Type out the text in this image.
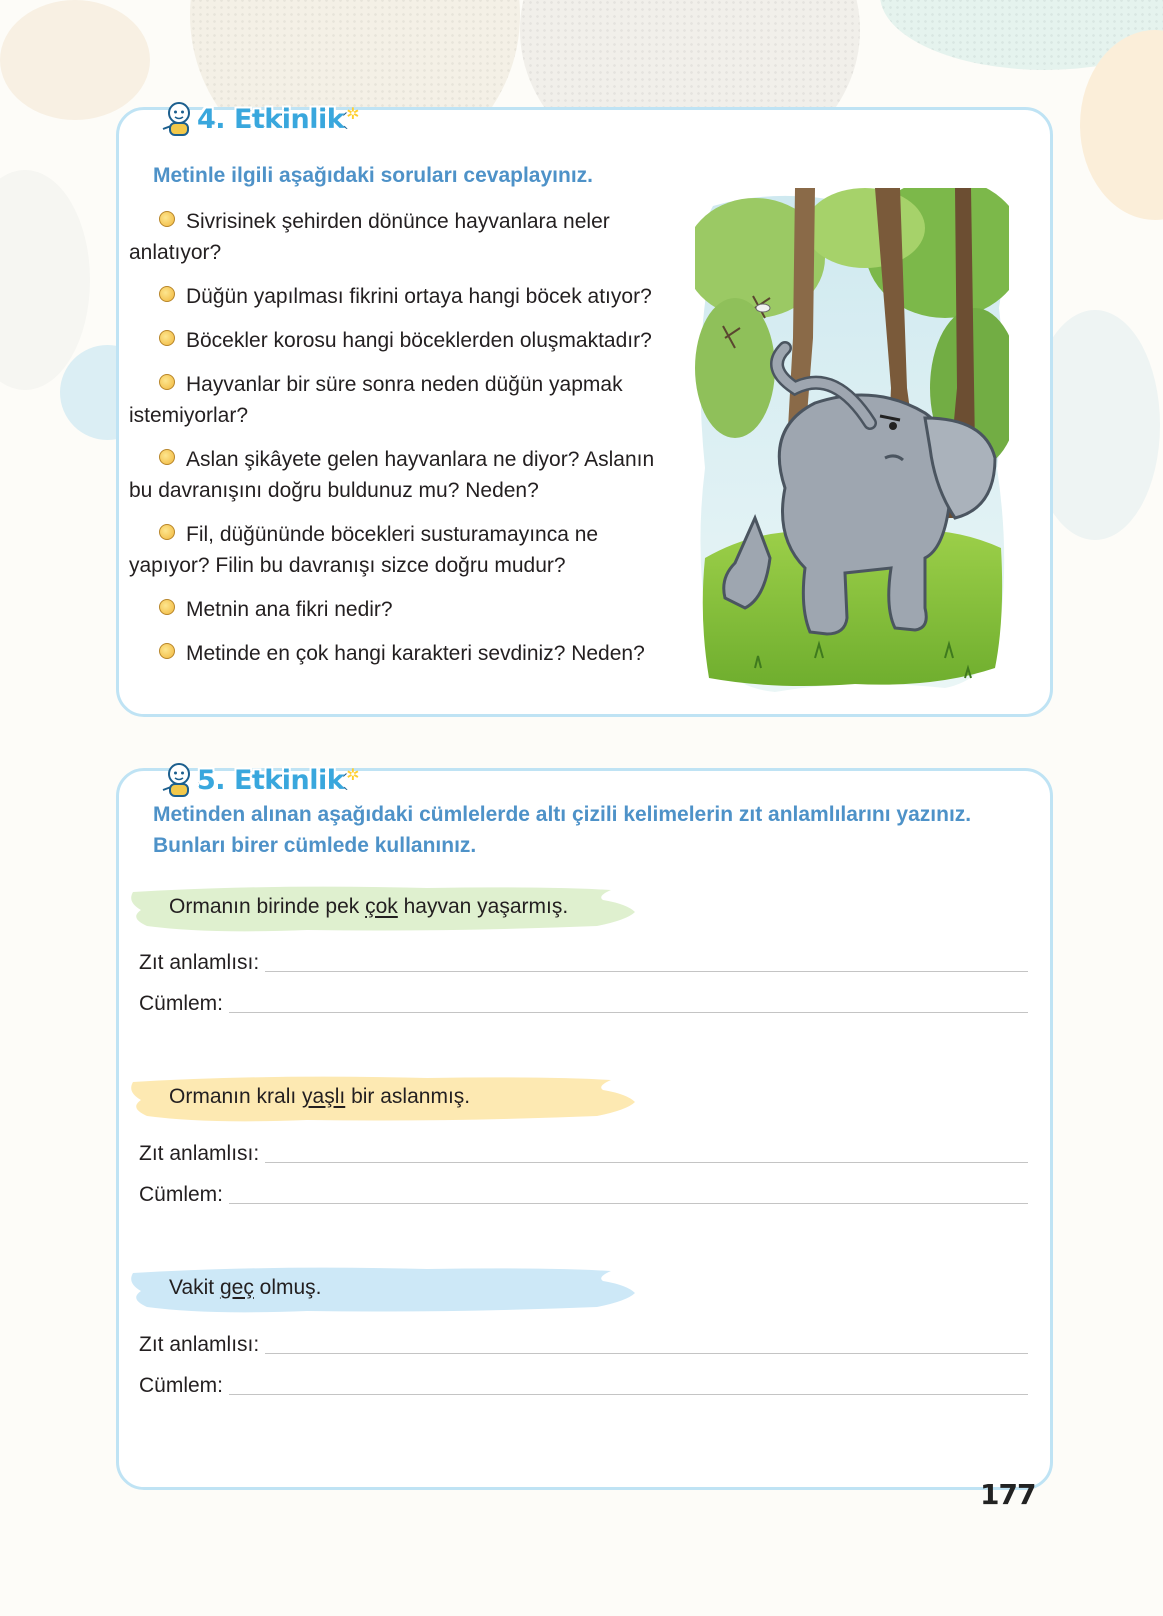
4. Etkinlik ✲
Metinle ilgili aşağıdaki soruları cevaplayınız.
Sivrisinek şehirden dönünce hayvanlara neler anlatıyor?
Düğün yapılması fikrini ortaya hangi böcek atıyor?
Böcekler korosu hangi böceklerden oluşmaktadır?
Hayvanlar bir süre sonra neden düğün yapmak istemiyorlar?
Aslan şikâyete gelen hayvanlara ne diyor? Aslanın bu davranışını doğru buldunuz mu? Neden?
Fil, düğününde böcekleri susturamayınca ne yapıyor? Filin bu davranışı sizce doğru mudur?
Metnin ana fikri nedir?
Metinde en çok hangi karakteri sevdiniz? Neden?
5. Etkinlik ✲
Metinden alınan aşağıdaki cümlelerde altı çizili kelimelerin zıt anlamlılarını yazınız. Bunları birer cümlede kullanınız.
Ormanın birinde pek çok hayvan yaşarmış.
Zıt anlamlısı:
Cümlem:
Ormanın kralı yaşlı bir aslanmış.
Zıt anlamlısı:
Cümlem:
Vakit geç olmuş.
Zıt anlamlısı:
Cümlem:
177
